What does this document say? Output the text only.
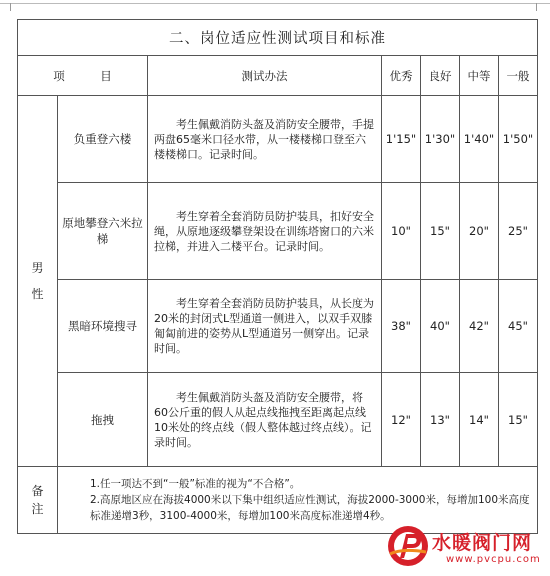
二、岗位适应性测试项目和标准						
项　目		测试办法	优秀	良好	中等	一般
男
性	负重登六楼	考生佩戴消防头盔及消防安全腰带，手提两盘65毫米口径水带，从一楼楼梯口登至六楼楼梯口。记录时间。	1'15"	1'30"	1'40"	1'50"
	原地攀登六米拉梯	考生穿着全套消防员防护装具，扣好安全绳，从原地逐级攀登架设在训练塔窗口的六米拉梯，并进入二楼平台。记录时间。	10"	15"	20"	25"
	黑暗环境搜寻	考生穿着全套消防员防护装具，从长度为20米的封闭式L型通道一侧进入，以双手双膝匍匐前进的姿势从L型通道另一侧穿出。记录时间。	38"	40"	42"	45"
	拖拽	考生佩戴消防头盔及消防安全腰带，将60公斤重的假人从起点线拖拽至距离起点线10米处的终点线（假人整体越过终点线）。记录时间。	12"	13"	14"	15"
备
注	1.任一项达不到“一般”标准的视为“不合格”。
2.高原地区应在海拔4000米以下集中组织适应性测试，海拔2000-3000米，每增加100米高度标准递增3秒，3100-4000米，每增加100米高度标准递增4秒。					
水暖阀门网
www.pvcpu.com
